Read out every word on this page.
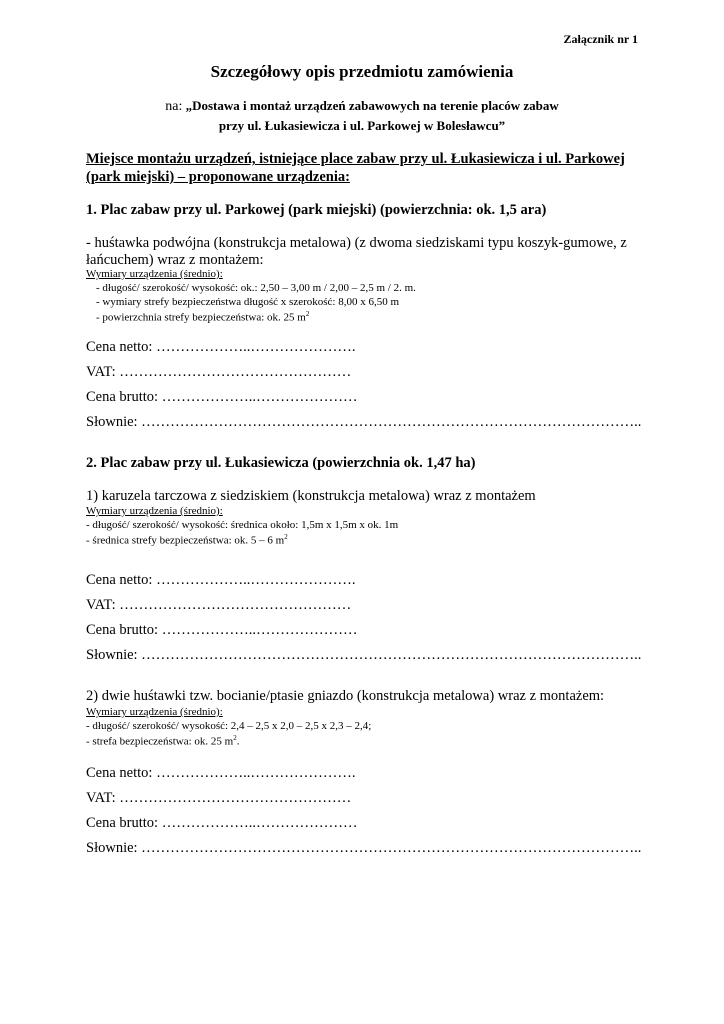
Załącznik nr 1
Szczegółowy opis przedmiotu zamówienia
na: „Dostawa i montaż urządzeń zabawowych na terenie placów zabaw
przy ul. Łukasiewicza i ul. Parkowej w Bolesławcu”
Miejsce montażu urządzeń, istniejące place zabaw przy ul. Łukasiewicza i ul. Parkowej
(park miejski) – proponowane urządzenia:
1. Plac zabaw przy ul. Parkowej (park miejski) (powierzchnia: ok. 1,5 ara)
- huśtawka podwójna (konstrukcja metalowa) (z dwoma siedziskami typu koszyk-gumowe, z
łańcuchem) wraz z montażem:
Wymiary urządzenia (średnio):
- długość/ szerokość/ wysokość: ok.: 2,50 – 3,00 m / 2,00 – 2,5 m / 2. m.
- wymiary strefy bezpieczeństwa długość x szerokość: 8,00 x 6,50 m
- powierzchnia strefy bezpieczeństwa: ok. 25 $m^2$
Cena netto: ………………..………………….
VAT: …………………………………………
Cena brutto: ………………..…………………
Słownie: …………………………………………………………………………………………..
2. Plac zabaw przy ul. Łukasiewicza (powierzchnia ok. 1,47 ha)
1) karuzela tarczowa z siedziskiem (konstrukcja metalowa) wraz z montażem
Wymiary urządzenia (średnio):
- długość/ szerokość/ wysokość: średnica około: 1,5m x 1,5m x ok. 1m
- średnica strefy bezpieczeństwa: ok. 5 – 6 $m^2$
Cena netto: ………………..………………….
VAT: …………………………………………
Cena brutto: ………………..…………………
Słownie: …………………………………………………………………………………………..
2) dwie huśtawki tzw. bocianie/ptasie gniazdo (konstrukcja metalowa) wraz z montażem:
Wymiary urządzenia (średnio):
- długość/ szerokość/ wysokość: 2,4 – 2,5 x 2,0 – 2,5 x 2,3 – 2,4;
- strefa bezpieczeństwa: ok. 25 $m^2$.
Cena netto: ………………..………………….
VAT: …………………………………………
Cena brutto: ………………..…………………
Słownie: …………………………………………………………………………………………..
